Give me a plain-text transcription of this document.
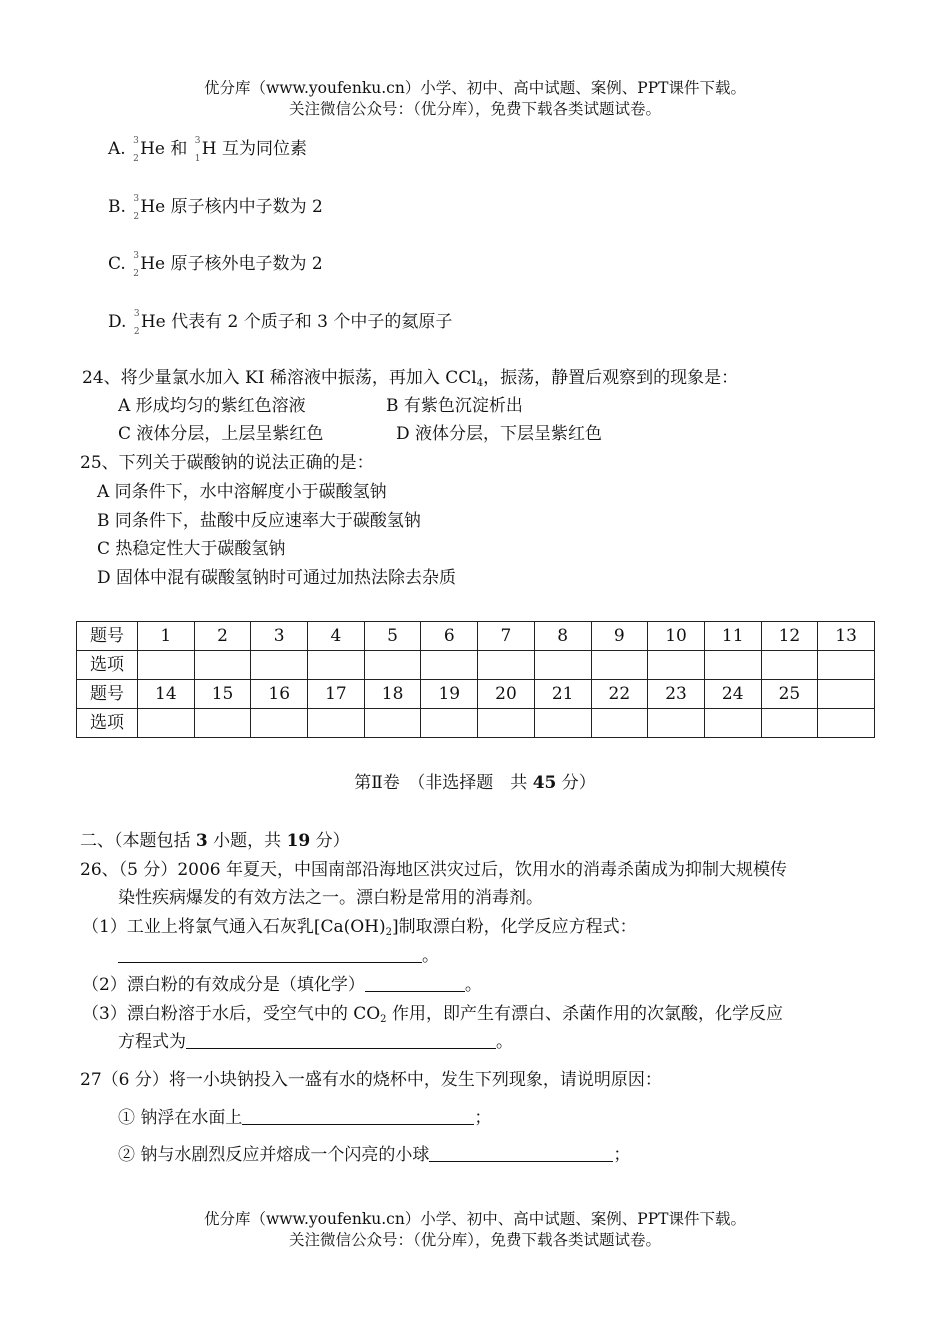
优分库（www.youfenku.cn）小学、初中、高中试题、案例、PPT课件下载。
关注微信公众号：（优分库），免费下载各类试题试卷。
A. 3
2 He 和 3
1 H 互为同位素
B. 3
2 He 原子核内中子数为 2
C. 3
2 He 原子核外电子数为 2
D. 3
2 He 代表有 2 个质子和 3 个中子的氦原子
24、将少量氯水加入 KI 稀溶液中振荡，再加入 CCl$_4$，振荡，静置后观察到的现象是：
A 形成均匀的紫红色溶液	B 有紫色沉淀析出
C 液体分层，上层呈紫红色	D 液体分层，下层呈紫红色
25、下列关于碳酸钠的说法正确的是：
A 同条件下，水中溶解度小于碳酸氢钠
B 同条件下，盐酸中反应速率大于碳酸氢钠
C 热稳定性大于碳酸氢钠
D 固体中混有碳酸氢钠时可通过加热法除去杂质
题号	1	2	3	4	5	6	7	8	9	10	11	12	13
选项													
题号	14	15	16	17	18	19	20	21	22	23	24	25	
选项													
第Ⅱ卷　（非选择题　共 45 分）
二、（本题包括 3 小题，共 19 分）
26、（5 分）2006 年夏天，中国南部沿海地区洪灾过后，饮用水的消毒杀菌成为抑制大规模传
染性疾病爆发的有效方法之一。漂白粉是常用的消毒剂。
（1）工业上将氯气通入石灰乳$[Ca(OH)_2]$制取漂白粉，化学反应方程式：
。
（2）漂白粉的有效成分是（填化学）	。
（3）漂白粉溶于水后，受空气中的 $CO_2$ 作用，即产生有漂白、杀菌作用的次氯酸，化学反应
方程式为	。
27（6 分）将一小块钠投入一盛有水的烧杯中，发生下列现象，请说明原因：
① 钠浮在水面上	；
② 钠与水剧烈反应并熔成一个闪亮的小球	；
优分库（www.youfenku.cn）小学、初中、高中试题、案例、PPT课件下载。
关注微信公众号：（优分库），免费下载各类试题试卷。
